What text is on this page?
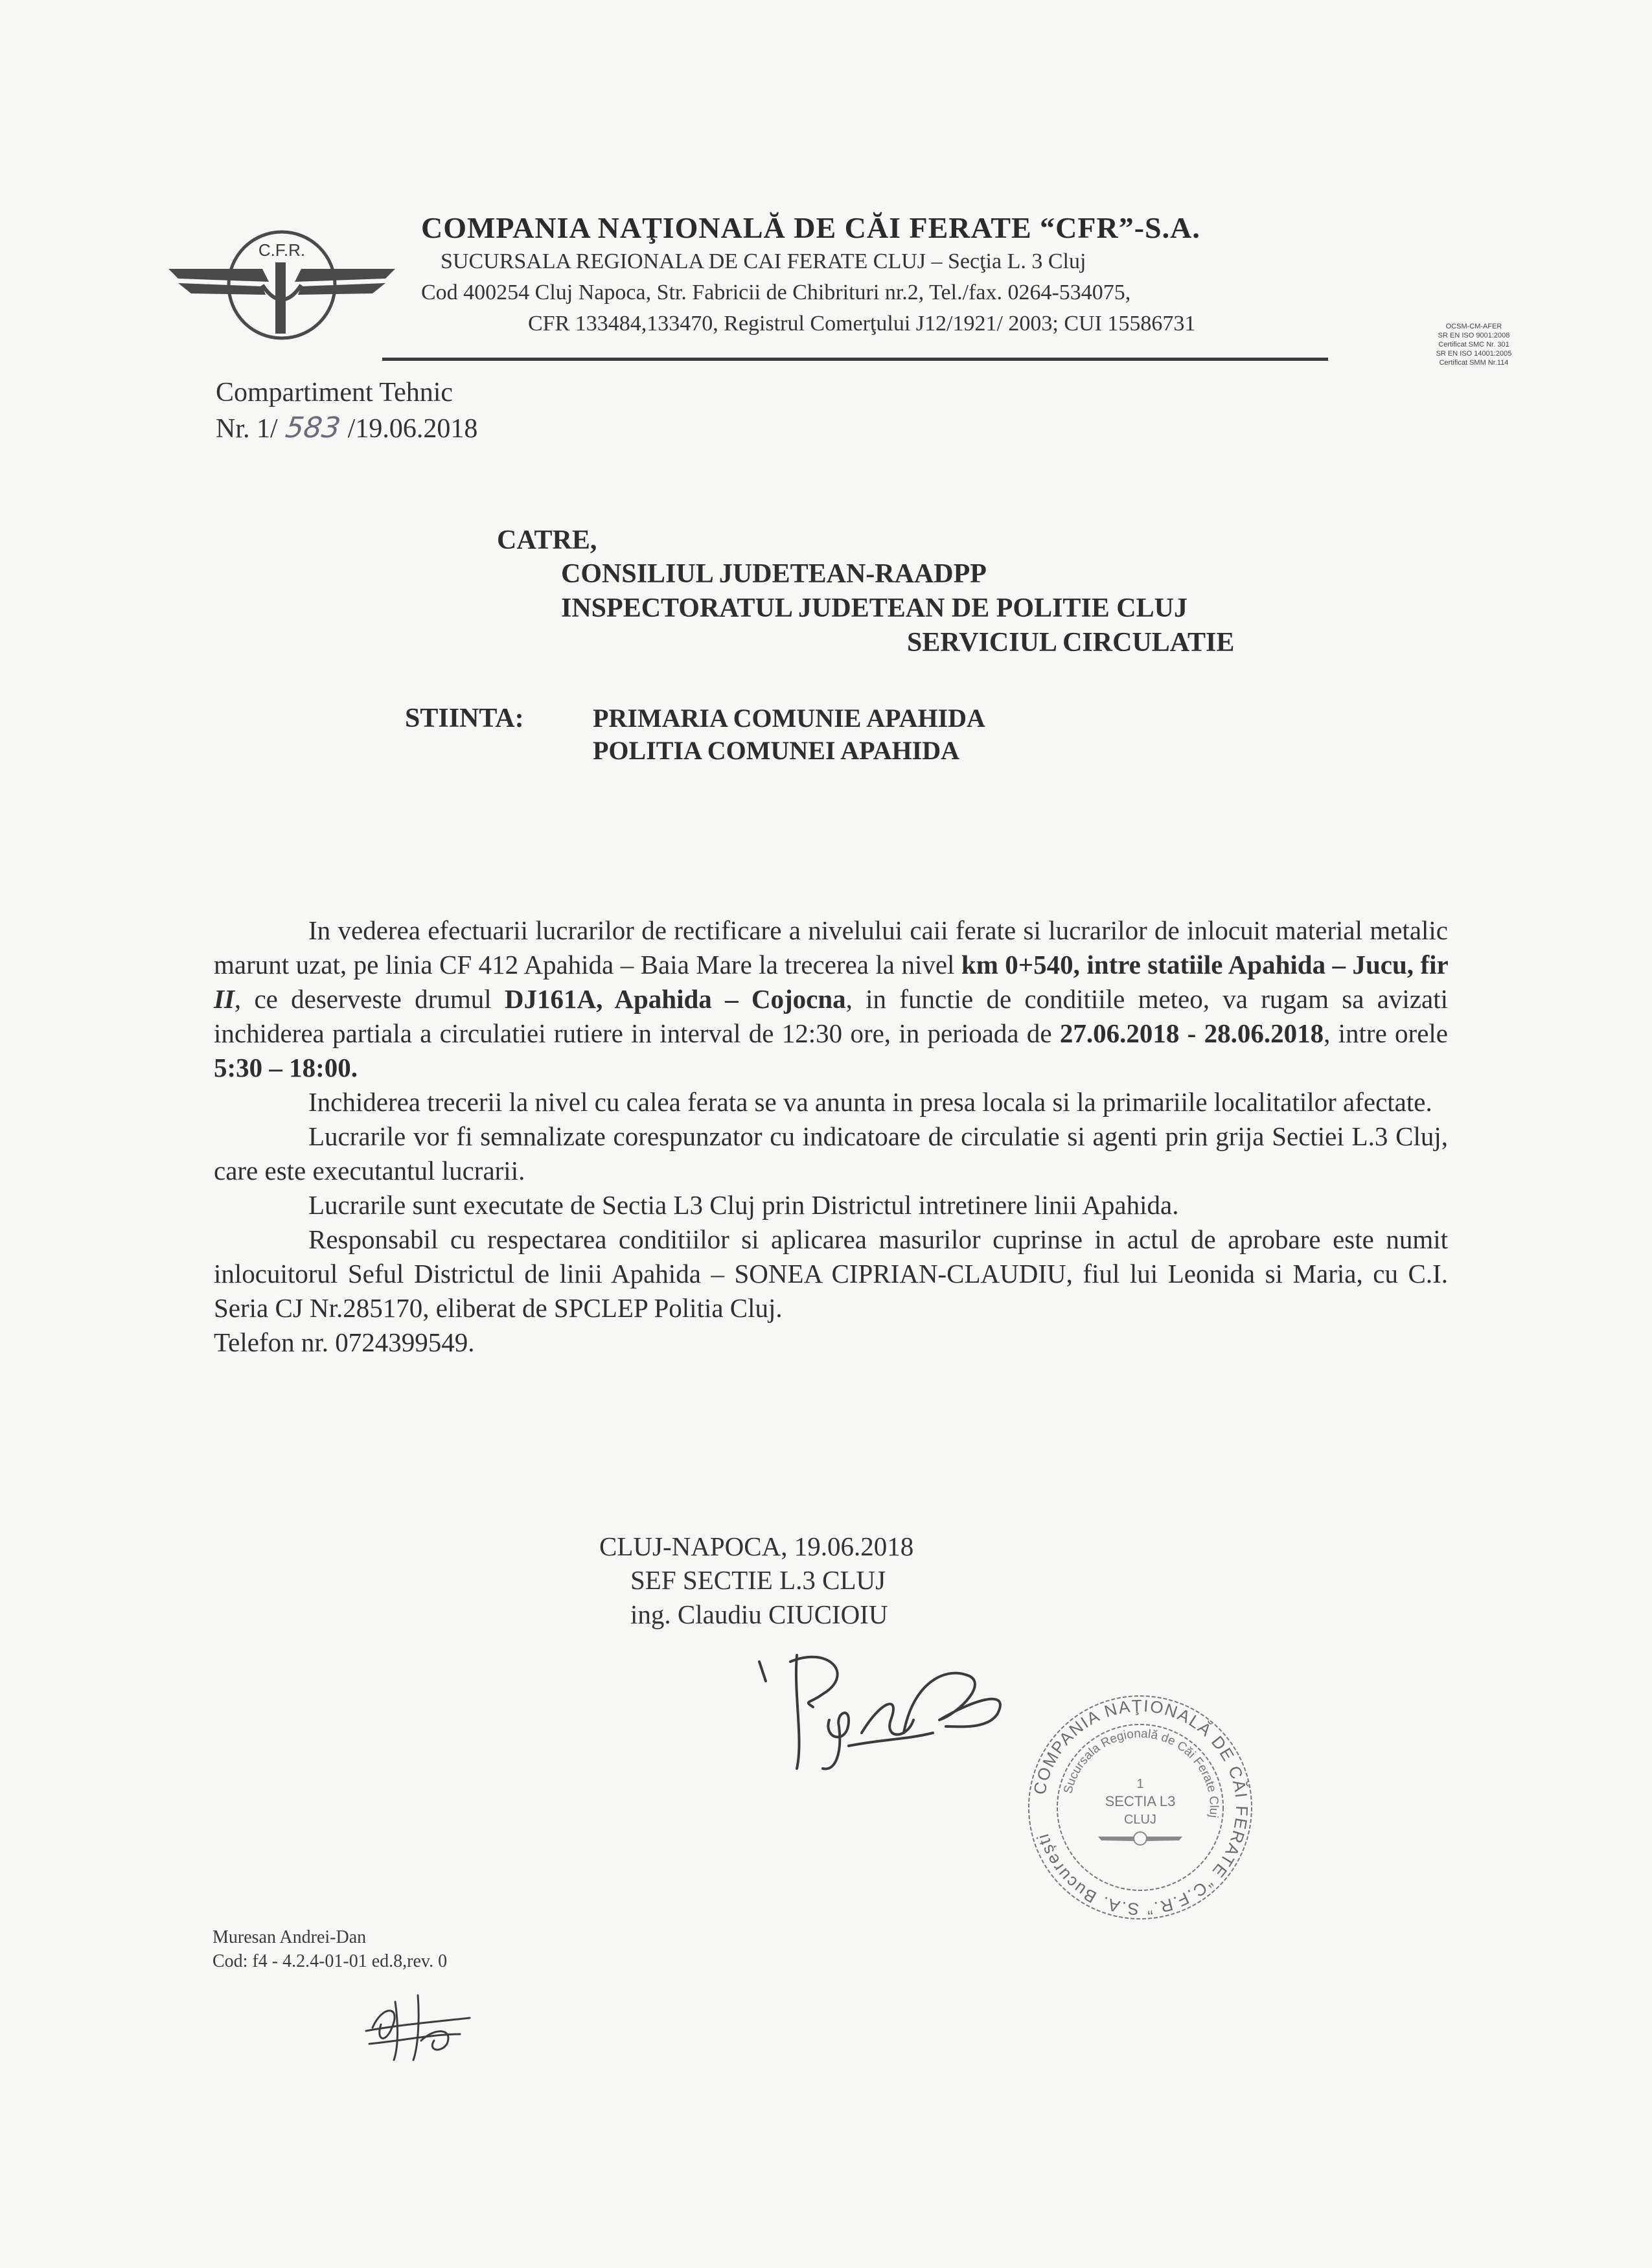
C.F.R.
COMPANIA NAŢIONALĂ DE CĂI FERATE “CFR”-S.A.
SUCURSALA REGIONALA DE CAI FERATE CLUJ – Secţia L. 3 Cluj
Cod 400254 Cluj Napoca, Str. Fabricii de Chibrituri nr.2, Tel./fax. 0264-534075,
CFR 133484,133470, Registrul Comerţului J12/1921/ 2003; CUI 15586731	OCSM-CM-AFER
SR EN ISO 9001:2008
Certificat SMC Nr. 301
SR EN ISO 14001:2005
Certificat SMM Nr.114
Compartiment Tehnic
Nr. 1/ 583 /19.06.2018
CATRE,
CONSILIUL JUDETEAN-RAADPP
INSPECTORATUL JUDETEAN DE POLITIE CLUJ
SERVICIUL CIRCULATIE
STIINTA:	PRIMARIA COMUNIE APAHIDA
POLITIA COMUNEI APAHIDA

In vederea efectuarii lucrarilor de rectificare a nivelului caii ferate si lucrarilor de inlocuit material metalic marunt uzat, pe linia CF 412 Apahida – Baia Mare la trecerea la nivel km 0+540, intre statiile Apahida – Jucu, fir II, ce deserveste drumul DJ161A, Apahida – Cojocna, in functie de conditiile meteo, va rugam sa avizati inchiderea partiala a circulatiei rutiere in interval de 12:30 ore, in perioada de 27.06.2018 - 28.06.2018, intre orele 5:30 – 18:00.

Inchiderea trecerii la nivel cu calea ferata se va anunta in presa locala si la primariile localitatilor afectate.

Lucrarile vor fi semnalizate corespunzator cu indicatoare de circulatie si agenti prin grija Sectiei L.3 Cluj, care este executantul lucrarii.

Lucrarile sunt executate de Sectia L3 Cluj prin Districtul intretinere linii Apahida.

Responsabil cu respectarea conditiilor si aplicarea masurilor cuprinse in actul de aprobare este numit inlocuitorul Seful Districtul de linii Apahida – SONEA CIPRIAN-CLAUDIU, fiul lui Leonida si Maria, cu C.I. Seria CJ Nr.285170, eliberat de SPCLEP Politia Cluj.

Telefon nr. 0724399549.

CLUJ-NAPOCA, 19.06.2018
SEF SECTIE L.3 CLUJ
ing. Claudiu CIUCIOIU
COMPANIA NAŢIONALĂ DE CĂI FERATE “C.F.R.” S.A. București
Sucursala Regională de Căi Ferate Cluj
1
SECTIA L3
CLUJ
Muresan Andrei-Dan
Cod: f4 - 4.2.4-01-01 ed.8,rev. 0
